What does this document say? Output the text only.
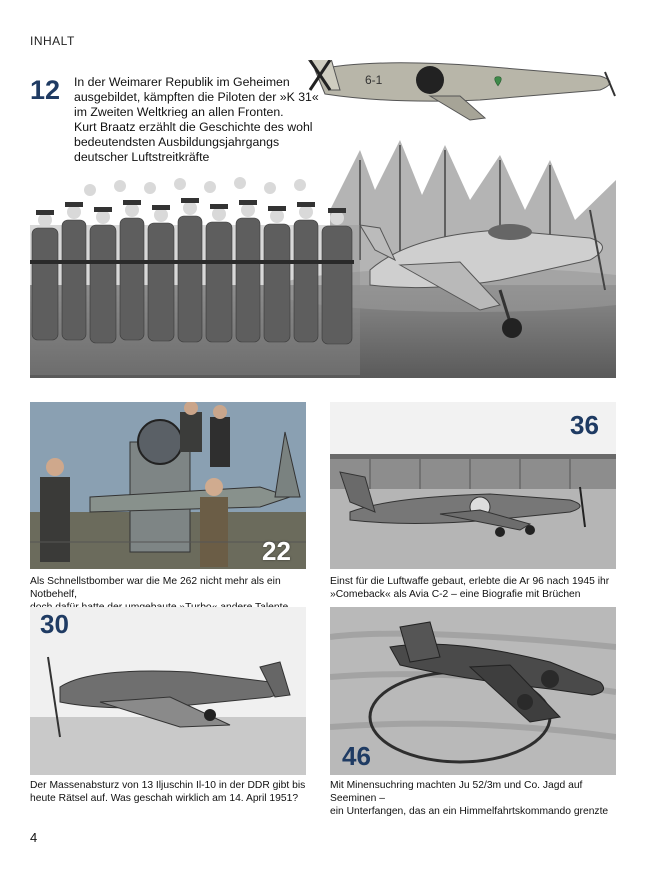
INHALT
6-1
12 In der Weimarer Republik im Geheimen
ausgebildet, kämpften die Piloten der »K 31«
im Zweiten Weltkrieg an allen Fronten.
Kurt Braatz erzählt die Geschichte des wohl
bedeutendsten Ausbildungsjahrgangs
deutscher Luftstreitkräfte
22
Als Schnellstbomber war die Me 262 nicht mehr als ein Notbehelf,
36
Einst für die Luftwaffe gebaut, erlebte die Ar 96 nach 1945 ihr
»Comeback« als Avia C-2 – eine Biografie mit Brüchen
30
Der Massenabsturz von 13 Iljuschin Il-10 in der DDR gibt bis
heute Rätsel auf. Was geschah wirklich am 14. April 1951?
46
Mit Minensuchring machten Ju 52/3m und Co. Jagd auf Seeminen –
ein Unterfangen, das an ein Himmelfahrtskommando grenzte
4
